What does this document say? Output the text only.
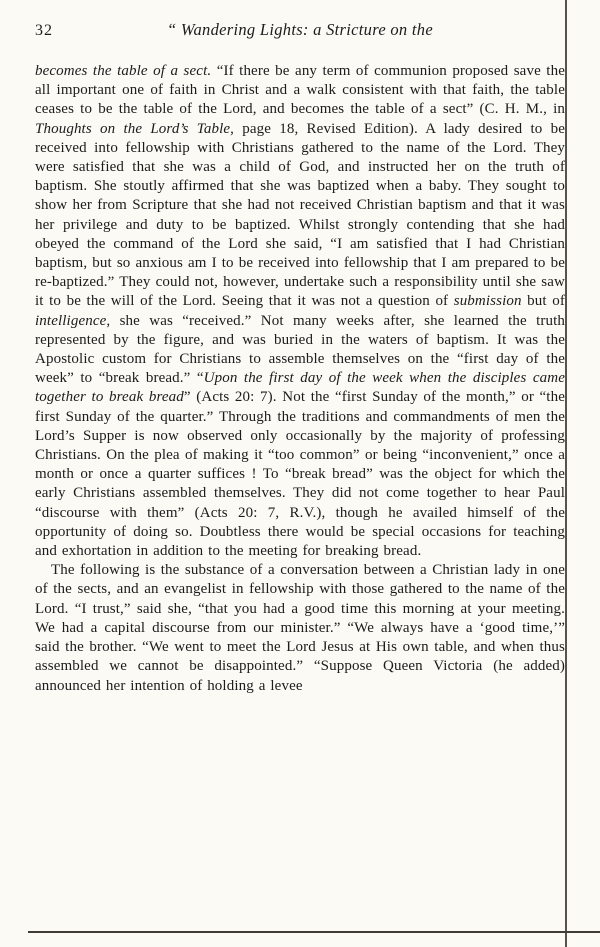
32	“ Wandering Lights: a Stricture on the

becomes the table of a sect. “If there be any term of communion proposed save the all important one of faith in Christ and a walk consistent with that faith, the table ceases to be the table of the Lord, and becomes the table of a sect” (C. H. M., in Thoughts on the Lord’s Table, page 18, Revised Edition). A lady desired to be received into fellowship with Christians gathered to the name of the Lord. They were satisfied that she was a child of God, and instructed her on the truth of baptism. She stoutly affirmed that she was baptized when a baby. They sought to show her from Scripture that she had not received Christian baptism and that it was her privilege and duty to be baptized. Whilst strongly contending that she had obeyed the command of the Lord she said, “I am satisfied that I had Christian baptism, but so anxious am I to be received into fellowship that I am prepared to be re-baptized.” They could not, however, undertake such a responsibility until she saw it to be the will of the Lord. Seeing that it was not a question of submission but of intelligence, she was “received.” Not many weeks after, she learned the truth represented by the figure, and was buried in the waters of baptism. It was the Apostolic custom for Christians to assemble themselves on the “first day of the week” to “break bread.” “Upon the first day of the week when the disciples came together to break bread” (Acts 20: 7). Not the “first Sunday of the month,” or “the first Sunday of the quarter.” Through the traditions and commandments of men the Lord’s Supper is now observed only occasionally by the majority of professing Christians. On the plea of making it “too common” or being “inconvenient,” once a month or once a quarter suffices ! To “break bread” was the object for which the early Christians assembled themselves. They did not come together to hear Paul “discourse with them” (Acts 20: 7, R.V.), though he availed himself of the opportunity of doing so. Doubtless there would be special occasions for teaching and exhortation in addition to the meeting for breaking bread.

The following is the substance of a conversation between a Christian lady in one of the sects, and an evangelist in fellowship with those gathered to the name of the Lord. “I trust,” said she, “that you had a good time this morning at your meeting. We had a capital discourse from our minister.” “We always have a ‘good time,’” said the brother. “We went to meet the Lord Jesus at His own table, and when thus assembled we cannot be disappointed.” “Suppose Queen Victoria (he added) announced her intention of holding a levee
